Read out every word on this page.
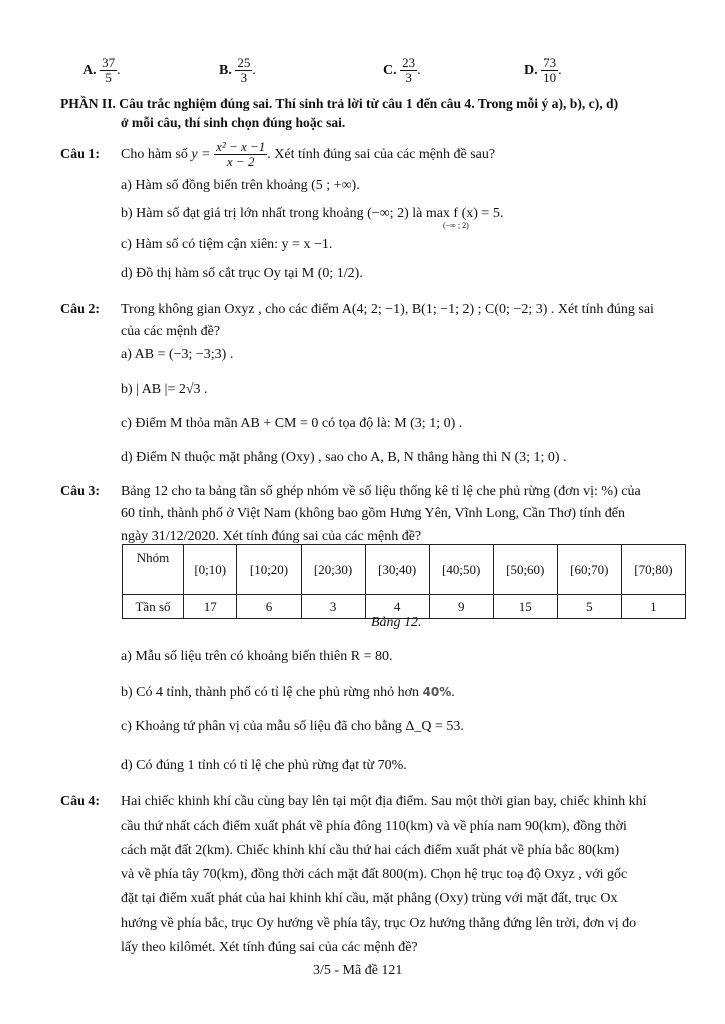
A. $\frac{37}{5}$ .	B. $\frac{25}{3}$ .	C. $\frac{23}{3}$ .	D. $\frac{73}{10}$ .
PHẦN II. Câu trắc nghiệm đúng sai. Thí sinh trả lời từ câu 1 đến câu 4. Trong mỗi ý a), b), c), d)
ở mỗi câu, thí sinh chọn đúng hoặc sai.
Câu 1: Cho hàm số $y = \frac{\text{x² − x −1}}{x - 2}$ . Xét tính đúng sai của các mệnh đề sau?
a) Hàm số đồng biến trên khoảng (5 ; +∞).
b) Hàm số đạt giá trị lớn nhất trong khoảng (−∞; 2) là max f (x) = 5.
(−∞ ; 2)
c) Hàm số có tiệm cận xiên: y = x −1.
d) Đồ thị hàm số cắt trục Oy tại M (0; 1/2).
Câu 2: Trong không gian Oxyz , cho các điểm A(4; 2; −1), B(1; −1; 2) ; C(0; −2; 3) . Xét tính đúng sai
của các mệnh đề?
a) AB = (−3; −3;3) .
b) | AB |= 2√3 .
c) Điểm M thỏa mãn AB + CM = 0 có tọa độ là: M (3; 1; 0) .
d) Điểm N thuộc mặt phẳng (Oxy) , sao cho A, B, N thẳng hàng thì N (3; 1; 0) .
Câu 3: Bảng 12 cho ta bảng tần số ghép nhóm về số liệu thống kê tỉ lệ che phủ rừng (đơn vị: %) của
60 tỉnh, thành phố ở Việt Nam (không bao gồm Hưng Yên, Vĩnh Long, Cần Thơ) tính đến
ngày 31/12/2020. Xét tính đúng sai của các mệnh đề?
Nhóm	[0;10)	[10;20)	[20;30)	[30;40)	[40;50)	[50;60)	[60;70)	[70;80)
Tần số	17	6	3	4	9	15	5	1
Bảng 12.
a) Mẫu số liệu trên có khoảng biến thiên R = 80.
b) Có 4 tỉnh, thành phố có tỉ lệ che phủ rừng nhỏ hơn 40%.
c) Khoảng tứ phân vị của mẫu số liệu đã cho bằng Δ_Q = 53.
d) Có đúng 1 tỉnh có tỉ lệ che phủ rừng đạt từ 70%.
Câu 4: Hai chiếc khinh khí cầu cùng bay lên tại một địa điểm. Sau một thời gian bay, chiếc khinh khí
cầu thứ nhất cách điểm xuất phát về phía đông 110(km) và về phía nam 90(km), đồng thời
cách mặt đất 2(km). Chiếc khinh khí cầu thứ hai cách điểm xuất phát về phía bắc 80(km)
và về phía tây 70(km), đồng thời cách mặt đất 800(m). Chọn hệ trục toạ độ Oxyz , với gốc
đặt tại điểm xuất phát của hai khinh khí cầu, mặt phẳng (Oxy) trùng với mặt đất, trục Ox
hướng về phía bắc, trục Oy hướng về phía tây, trục Oz hướng thẳng đứng lên trời, đơn vị đo
lấy theo kilômét. Xét tính đúng sai của các mệnh đề?
3/5 - Mã đề 121
